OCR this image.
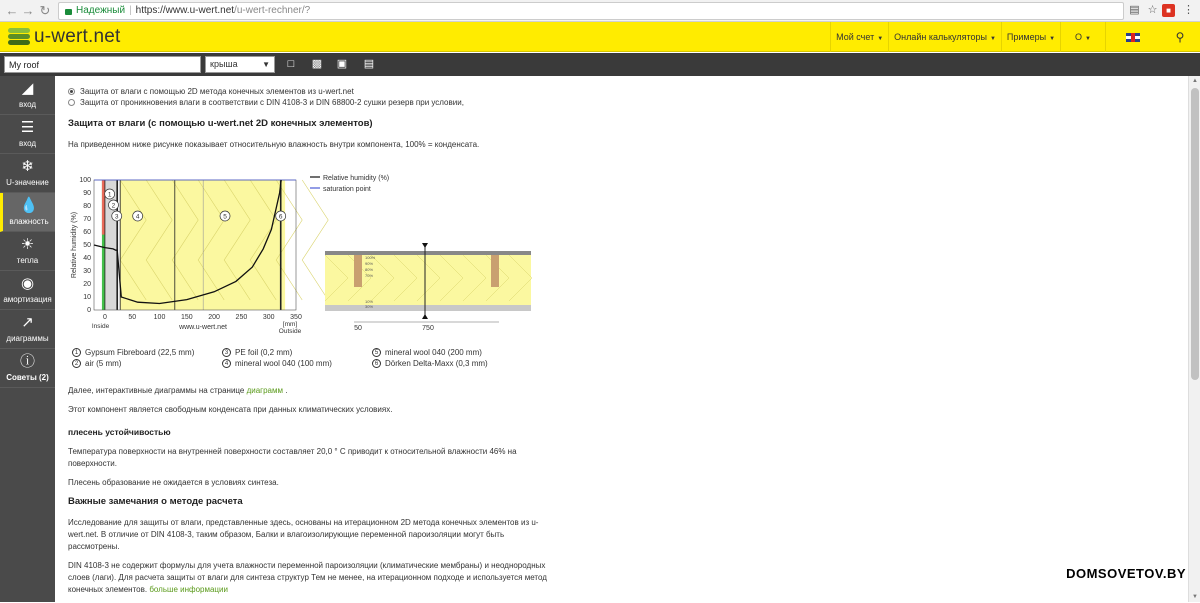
← → ↻	Надежный | https://www.u-wert.net/u-wert-rechner/?	▤ ☆	■	⋮
u-wert.net	Мой счет ▼	Онлайн калькуляторы ▼	Примеры ▼	О ▼	⚲
My roof
крыша	▼	□	▩ ▣ ▤
◢
вход
☰
вход
❄
U-значение
💧
влажность
☀
тепла
◉
амортизация
↗
диаграммы
ⓘ
Советы (2)
Защита от влаги с помощью 2D метода конечных элементов из u-wert.net
Защита от проникновения влаги в соответствии с DIN 4108-3 и DIN 68800-2 сушки резерв при условии,
Защита от влаги (с помощью u-wert.net 2D конечных элементов)

На приведенном ниже рисунке показывает относительную влажность внутри компонента, 100% = конденсата.

0
10
20
30
40
50
60
70
80
90
100
0	50	100 150 200 250 300 350
[mm]
Inside
Outside
www.u-wert.net
Relative humidity (%)
1
2
3	4	5	6
Relative humidity (%)
saturation point
50	750
100%
90%
80%
70%
10%
30%
1 Gypsum Fibreboard (22,5 mm)	3 PE foil (0,2 mm)	5 mineral wool 040 (200 mm)
2 air (5 mm)	4 mineral wool 040 (100 mm)	6 Dörken Delta-Maxx (0,3 mm)

Далее, интерактивные диаграммы на странице диаграмм .

Этот компонент является свободным конденсата при данных климатических условиях.

плесень устойчивостью

Температура поверхности на внутренней поверхности составляет 20,0 ° C приводит к относительной влажности 46% на поверхности.

Плесень образование не ожидается в условиях синтеза.

Важные замечания о методе расчета

Исследование для защиты от влаги, представленные здесь, основаны на итерационном 2D метода конечных элементов из u-wert.net. В отличие от DIN 4108-3, таким образом, Балки и влагоизолирующие переменной пароизоляции могут быть рассмотрены.

DIN 4108-3 не содержит формулы для учета влажности переменной пароизоляции (климатические мембраны) и неоднородных слоев (лаги). Для расчета защиты от влаги для синтеза структур Тем не менее, на итерационном подходе и используется метод конечных элементов. больше информации

▲
▼
DOMSOVETOV.BY
